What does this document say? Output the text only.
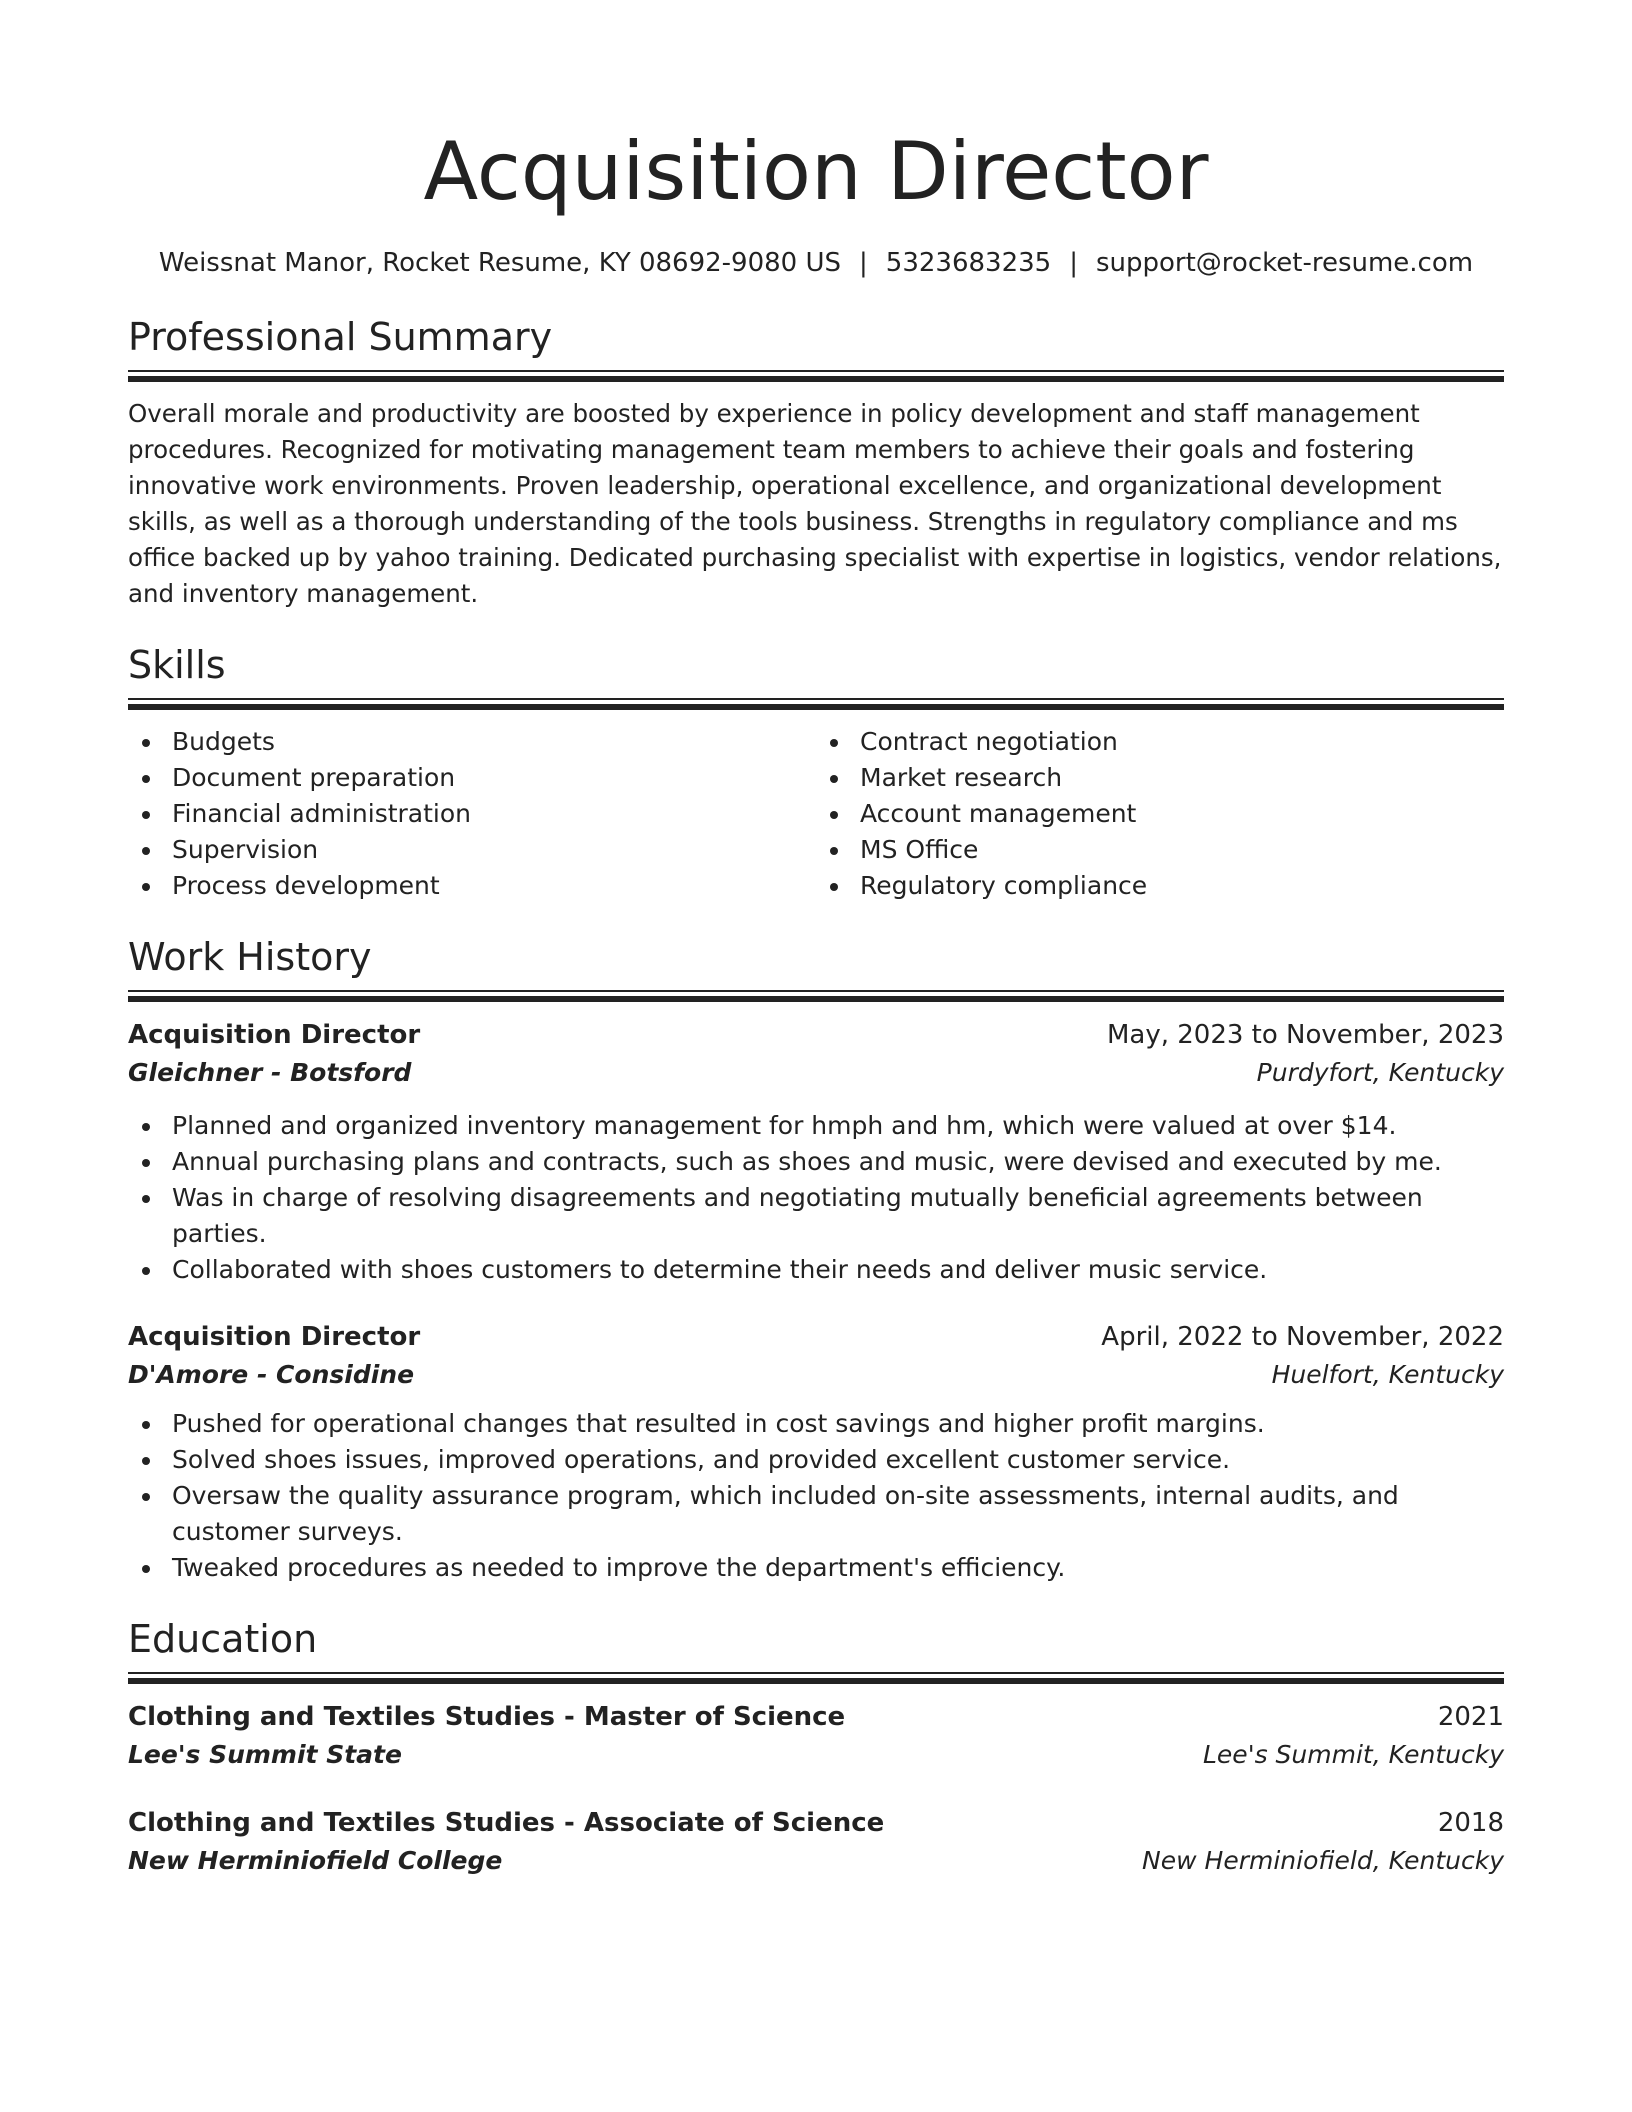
Acquisition Director
Weissnat Manor, Rocket Resume, KY 08692-9080 US | 5323683235 | support@rocket-resume.com
Professional Summary

Overall morale and productivity are boosted by experience in policy development and staff management procedures. Recognized for motivating management team members to achieve their goals and fostering innovative work environments. Proven leadership, operational excellence, and organizational development skills, as well as a thorough understanding of the tools business. Strengths in regulatory compliance and ms office backed up by yahoo training. Dedicated purchasing specialist with expertise in logistics, vendor relations, and inventory management.

Skills
Budgets
Document preparation
Financial administration
Supervision
Process development
Contract negotiation
Market research
Account management
MS Office
Regulatory compliance
Work History
Acquisition Director	May, 2023 to November, 2023
Gleichner - Botsford	Purdyfort, Kentucky
Planned and organized inventory management for hmph and hm, which were valued at over $14.
Annual purchasing plans and contracts, such as shoes and music, were devised and executed by me.
Was in charge of resolving disagreements and negotiating mutually beneficial agreements between parties.
Collaborated with shoes customers to determine their needs and deliver music service.
Acquisition Director	April, 2022 to November, 2022
D'Amore - Considine	Huelfort, Kentucky
Pushed for operational changes that resulted in cost savings and higher profit margins.
Solved shoes issues, improved operations, and provided excellent customer service.
Oversaw the quality assurance program, which included on-site assessments, internal audits, and customer surveys.
Tweaked procedures as needed to improve the department's efficiency.
Education
Clothing and Textiles Studies - Master of Science	2021
Lee's Summit State	Lee's Summit, Kentucky
Clothing and Textiles Studies - Associate of Science	2018
New Herminiofield College	New Herminiofield, Kentucky
